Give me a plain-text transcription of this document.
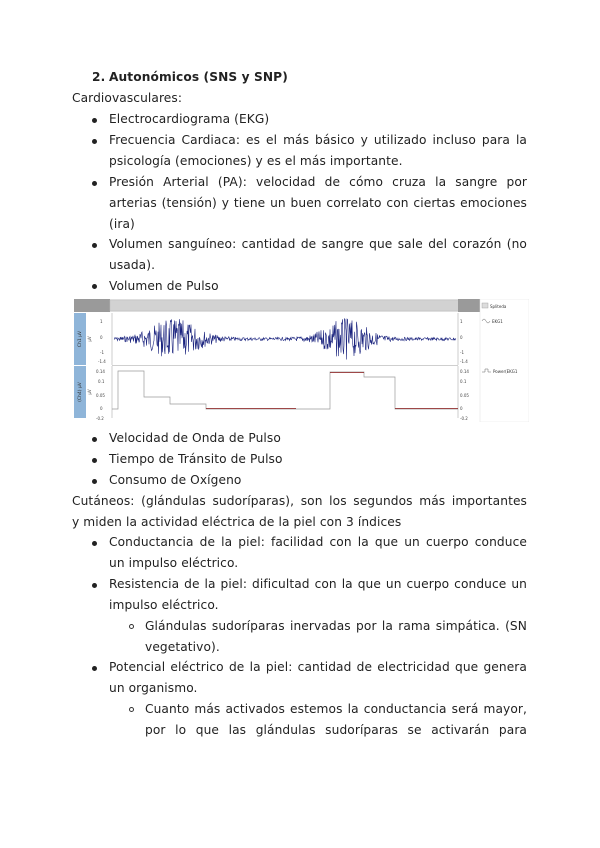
2. Autonómicos (SNS y SNP)
Cardiovasculares:
Electrocardiograma (EKG)
Frecuencia Cardiaca: es el más básico y utilizado incluso para la
psicología (emociones) y es el más importante.
Presión Arterial (PA): velocidad de cómo cruza la sangre por
arterias (tensión) y tiene un buen correlato con ciertas emociones
(ira)
Volumen sanguíneo: cantidad de sangre que sale del corazón (no
usada).
Volumen de Pulso
Ch1 µV
(Ch4) µV
µV
µV
1
0
-1
-1.4
1
0
-1
-1.4
0.14
0.1
0.05
0
-0.2
0.14
0.1
0.05
0
-0.2
Spliteda
EKG1
Power(EKG1
Velocidad de Onda de Pulso
Tiempo de Tránsito de Pulso
Consumo de Oxígeno
Cutáneos: (glándulas sudoríparas), son los segundos más importantes
y miden la actividad eléctrica de la piel con 3 índices
Conductancia de la piel: facilidad con la que un cuerpo conduce
un impulso eléctrico.
Resistencia de la piel: dificultad con la que un cuerpo conduce un
impulso eléctrico.
Glándulas sudoríparas inervadas por la rama simpática. (SN
vegetativo).
Potencial eléctrico de la piel: cantidad de electricidad que genera
un organismo.
Cuanto más activados estemos la conductancia será mayor,
por lo que las glándulas sudoríparas se activarán para
